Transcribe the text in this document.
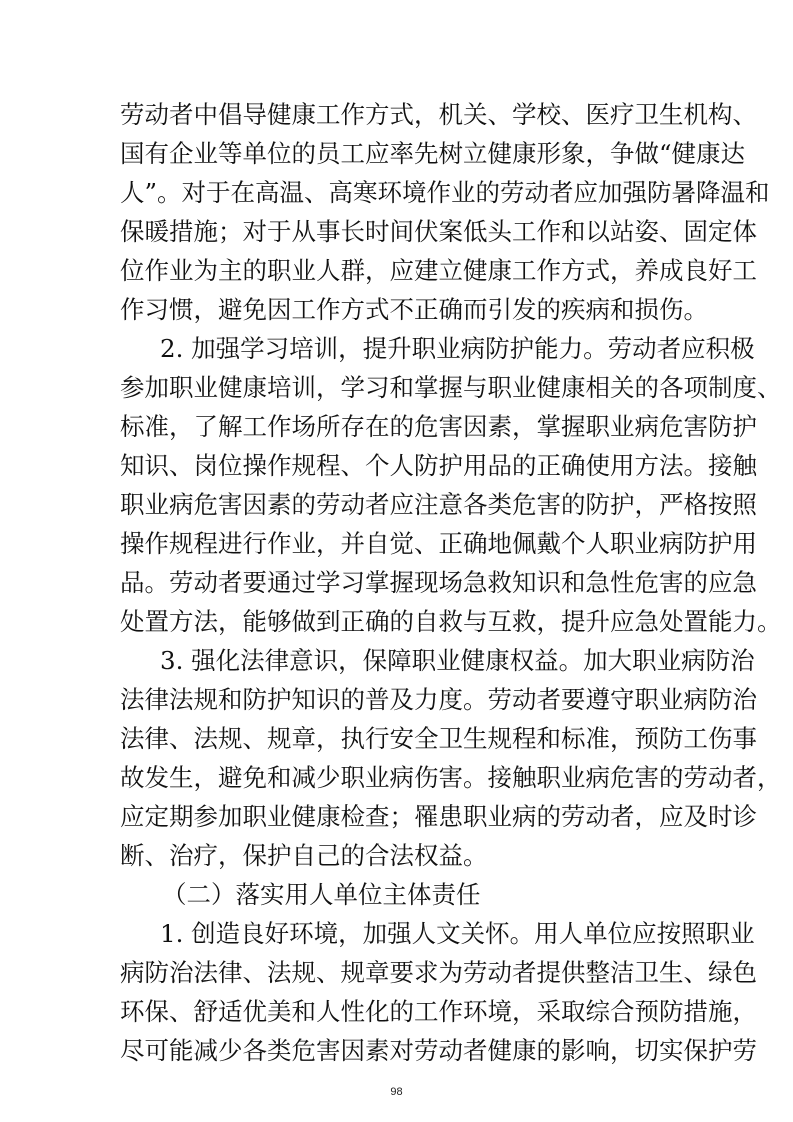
劳动者中倡导健康工作方式，机关、学校、医疗卫生机构、
国有企业等单位的员工应率先树立健康形象，争做“健康达
人”。对于在高温、高寒环境作业的劳动者应加强防暑降温和
保暖措施；对于从事长时间伏案低头工作和以站姿、固定体
位作业为主的职业人群，应建立健康工作方式，养成良好工
作习惯，避免因工作方式不正确而引发的疾病和损伤。
2. 加强学习培训，提升职业病防护能力。劳动者应积极
参加职业健康培训，学习和掌握与职业健康相关的各项制度、
标准，了解工作场所存在的危害因素，掌握职业病危害防护
知识、岗位操作规程、个人防护用品的正确使用方法。接触
职业病危害因素的劳动者应注意各类危害的防护，严格按照
操作规程进行作业，并自觉、正确地佩戴个人职业病防护用
品。劳动者要通过学习掌握现场急救知识和急性危害的应急
处置方法，能够做到正确的自救与互救，提升应急处置能力。
3. 强化法律意识，保障职业健康权益。加大职业病防治
法律法规和防护知识的普及力度。劳动者要遵守职业病防治
法律、法规、规章，执行安全卫生规程和标准，预防工伤事
故发生，避免和减少职业病伤害。接触职业病危害的劳动者，
应定期参加职业健康检查；罹患职业病的劳动者，应及时诊
断、治疗，保护自己的合法权益。
（二）落实用人单位主体责任
1. 创造良好环境，加强人文关怀。用人单位应按照职业
病防治法律、法规、规章要求为劳动者提供整洁卫生、绿色
环保、舒适优美和人性化的工作环境，采取综合预防措施，
尽可能减少各类危害因素对劳动者健康的影响，切实保护劳
98
